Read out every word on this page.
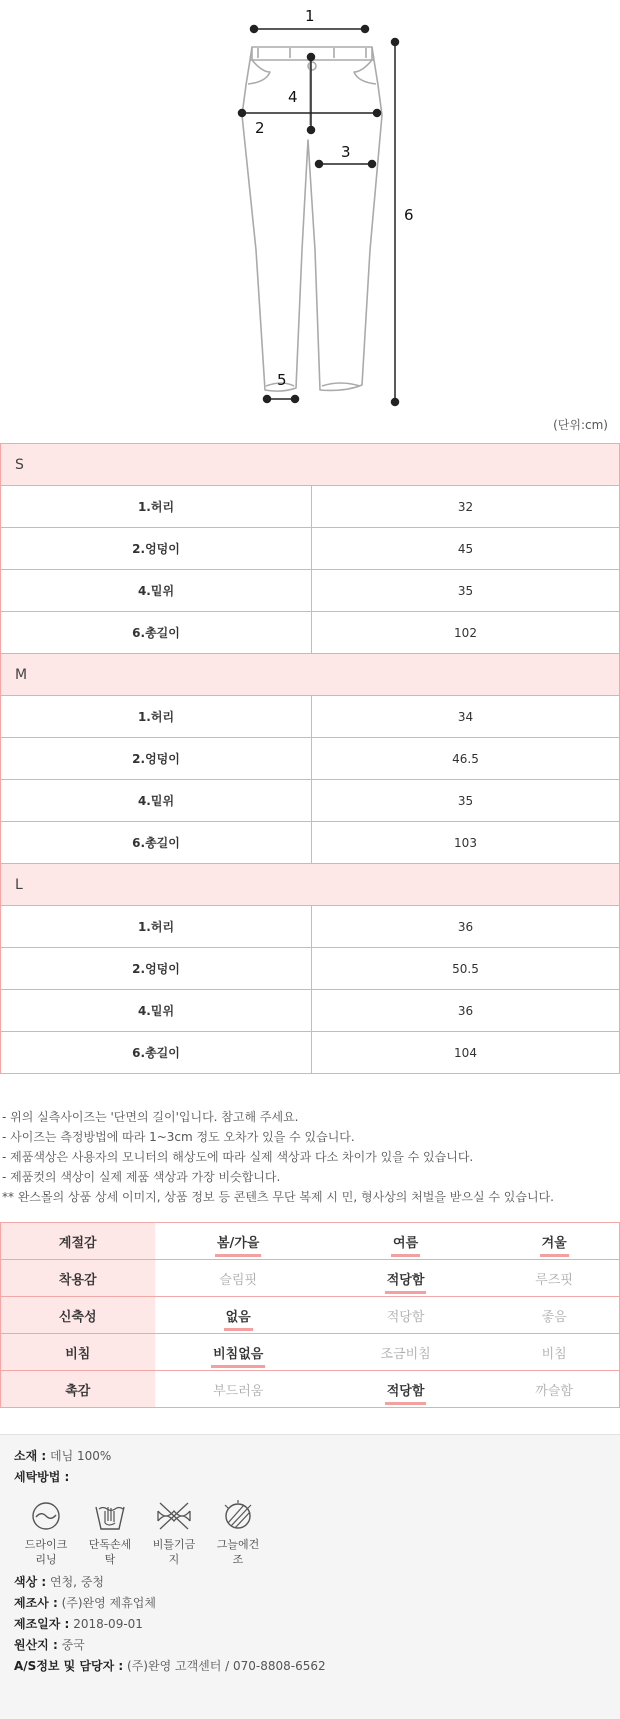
1
2
3
4
5
6
(단위:cm)
S	
1.허리	32
2.엉덩이	45
4.밑위	35
6.총길이	102
M	
1.허리	34
2.엉덩이	46.5
4.밑위	35
6.총길이	103
L	
1.허리	36
2.엉덩이	50.5
4.밑위	36
6.총길이	104
- 위의 실측사이즈는 '단면의 길이'입니다. 참고해 주세요.
- 사이즈는 측정방법에 따라 1~3cm 정도 오차가 있을 수 있습니다.
- 제품색상은 사용자의 모니터의 해상도에 따라 실제 색상과 다소 차이가 있을 수 있습니다.
- 제품컷의 색상이 실제 제품 색상과 가장 비슷합니다.
** 완스몰의 상품 상세 이미지, 상품 정보 등 콘텐츠 무단 복제 시 민, 형사상의 처벌을 받으실 수 있습니다.
계절감	봄/가을	여름	겨울
착용감	슬림핏	적당함	루즈핏
신축성	없음	적당함	좋음
비침	비침없음	조금비침	비침
촉감	부드러움	적당함	까슬함
소재 : 데님 100%
세탁방법 :
드라이크
리닝
단독손세
탁
비틀기금
지
그늘에건
조
색상 : 연청, 중청
제조사 : (주)완영 제휴업체
제조일자 : 2018-09-01
원산지 : 중국
A/S정보 및 담당자 : (주)완영 고객센터 / 070-8808-6562
